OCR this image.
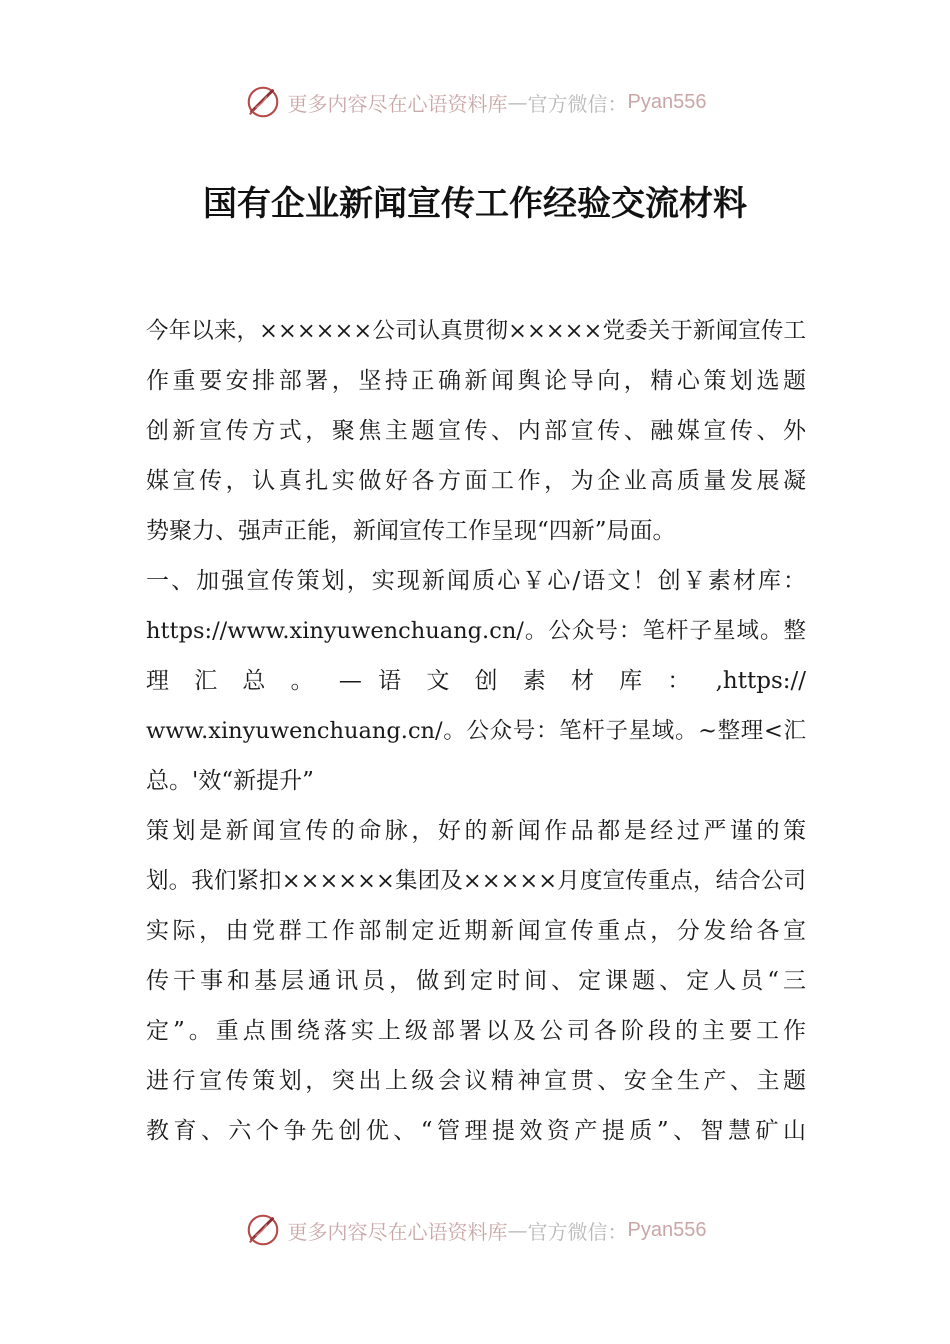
更多内容尽在心语资料库 — 官方微信： Pyan556
国有企业新闻宣传工作经验交流材料
今年以来，××××××公司认真贯彻×××××党委关于新闻宣传工
作重要安排部署，坚持正确新闻舆论导向，精心策划选题
创新宣传方式，聚焦主题宣传、内部宣传、融媒宣传、外
媒宣传，认真扎实做好各方面工作，为企业高质量发展凝
势聚力、强声正能，新闻宣传工作呈现“四新”局面。
一、加强宣传策划，实现新闻质心￥心/语文！创￥素材库：
https://www.xinyuwenchuang.cn/。公众号：笔杆子星域。整
理 汇 总 。 — 语 文 创 素 材 库 ： ,https://
www.xinyuwenchuang.cn/。公众号：笔杆子星域。~整理<汇
总。'效“新提升”
策划是新闻宣传的命脉，好的新闻作品都是经过严谨的策
划。我们紧扣××××××集团及×××××月度宣传重点，结合公司
实际，由党群工作部制定近期新闻宣传重点，分发给各宣
传干事和基层通讯员，做到定时间、定课题、定人员“三
定”。重点围绕落实上级部署以及公司各阶段的主要工作
进行宣传策划，突出上级会议精神宣贯、安全生产、主题
教育、六个争先创优、“管理提效资产提质”、智慧矿山
更多内容尽在心语资料库 — 官方微信： Pyan556
